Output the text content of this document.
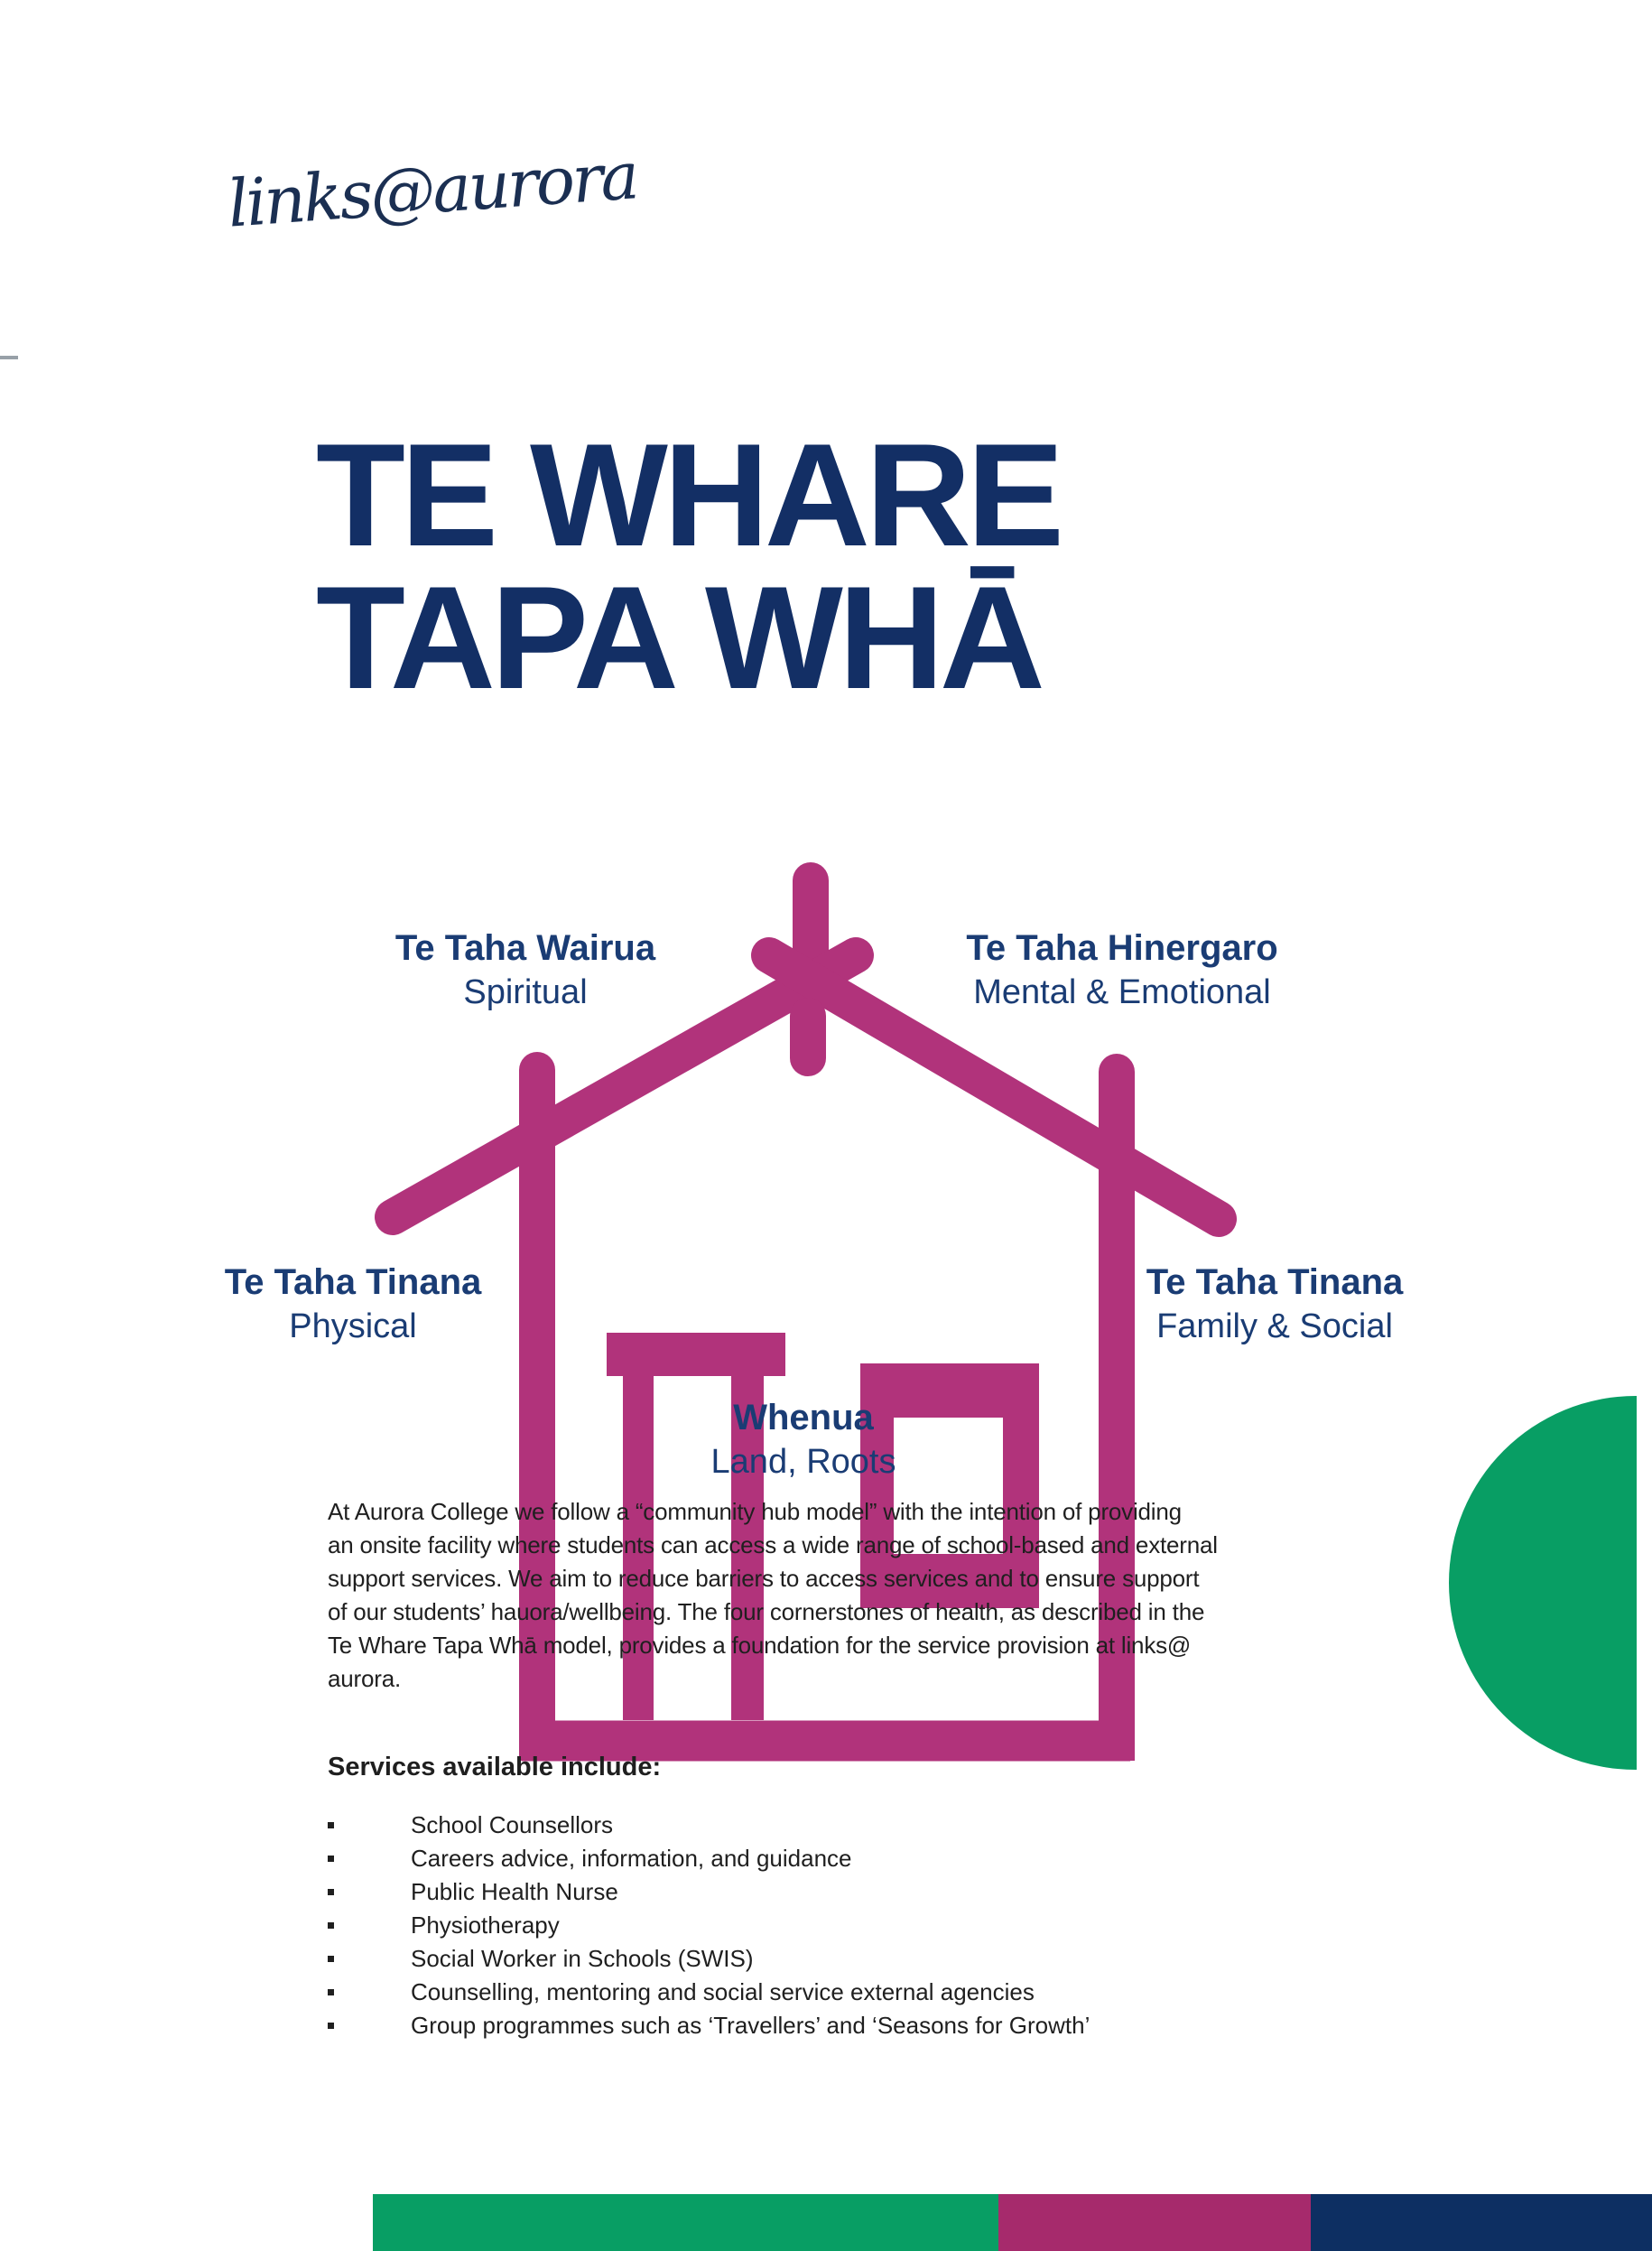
links@aurora
TE WHARE
TAPA WHĀ
Te Taha Wairua
Spiritual
Te Taha Hinergaro
Mental & Emotional
Te Taha Tinana
Physical
Te Taha Tinana
Family & Social
Whenua
Land, Roots
At Aurora College we follow a “community hub model” with the intention of providing
an onsite facility where students can access a wide range of school-based and external
support services. We aim to reduce barriers to access services and to ensure support
of our students’ hauora/wellbeing. The four cornerstones of health, as described in the
Te Whare Tapa Whā model, provides a foundation for the service provision at links@
aurora.
Services available include:
School Counsellors
Careers advice, information, and guidance
Public Health Nurse
Physiotherapy
Social Worker in Schools (SWIS)
Counselling, mentoring and social service external agencies
Group programmes such as ‘Travellers’ and ‘Seasons for Growth’
